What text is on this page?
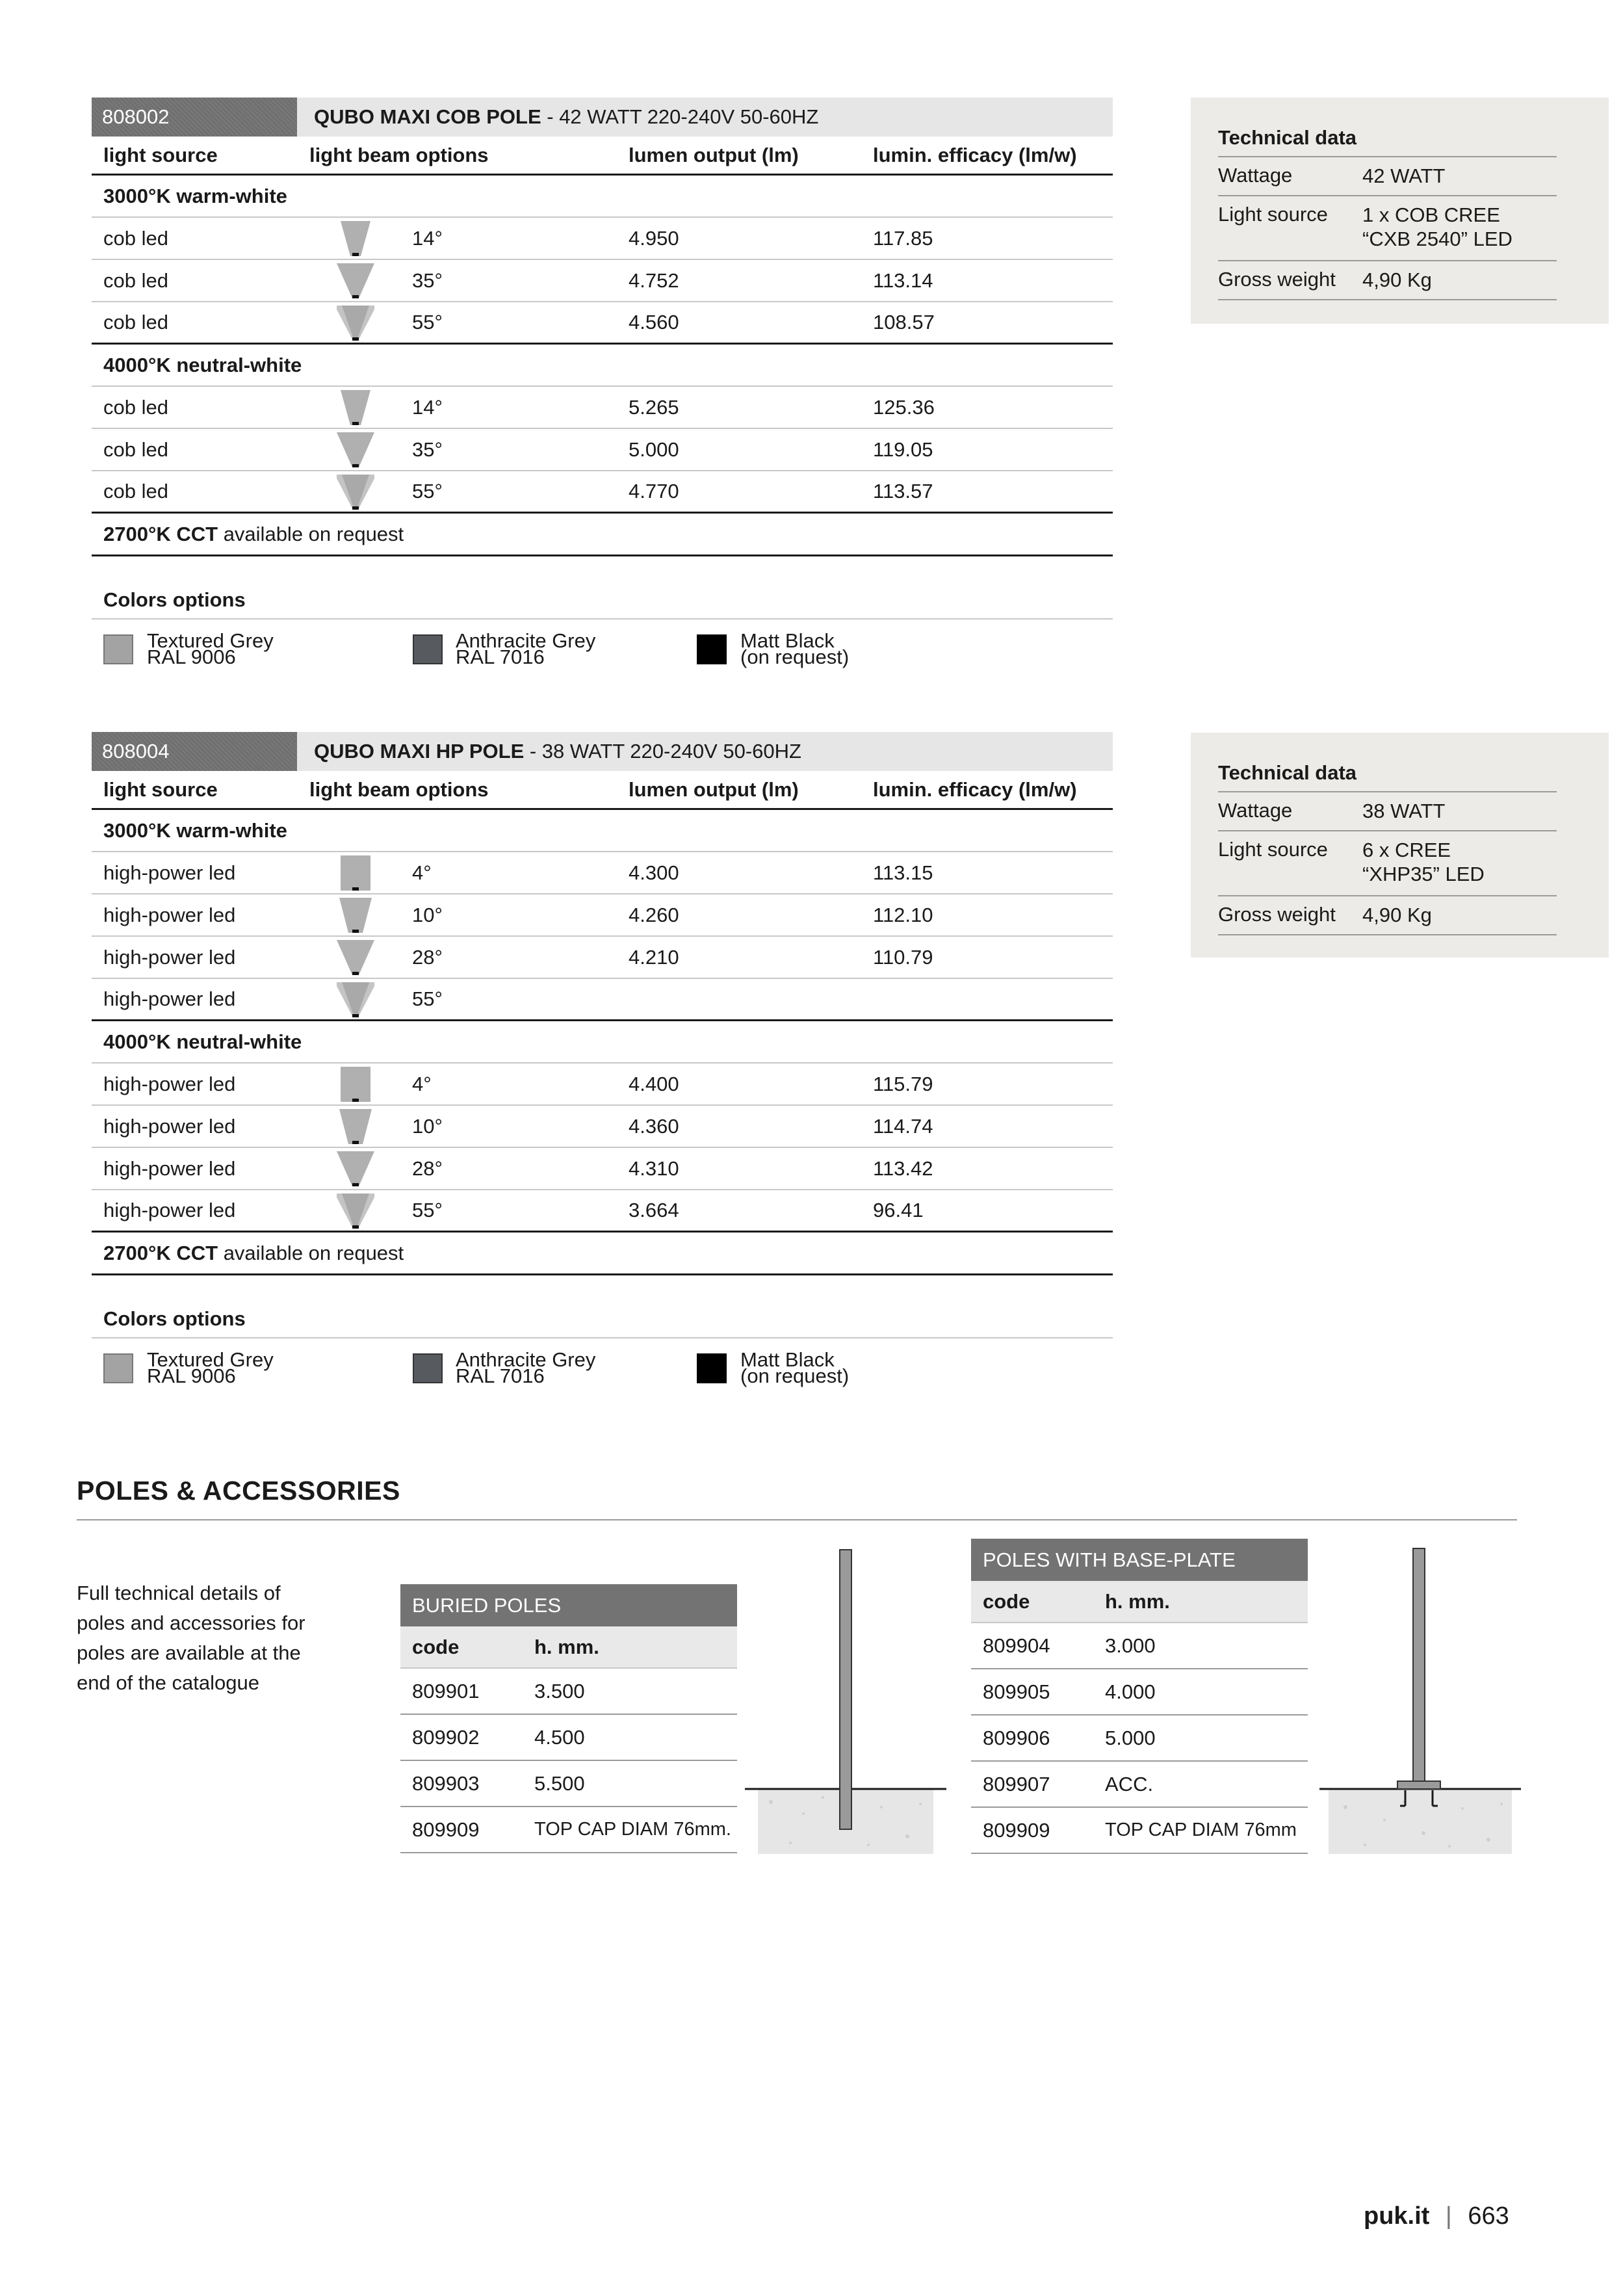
808002	QUBO MAXI COB POLE - 42 WATT 220-240V 50-60HZ
light source	light beam options	lumen output (lm)	lumin. efficacy (lm/w)
3000°K warm-white
cob led	14°	4.950	117.85
cob led	35°	4.752	113.14
cob led	55°	4.560	108.57
4000°K neutral-white
cob led	14°	5.265	125.36
cob led	35°	5.000	119.05
cob led	55°	4.770	113.57
2700°K CCT available on request
Colors options
Textured Grey
RAL 9006
Anthracite Grey
RAL 7016
Matt Black
(on request)
Technical data
Wattage	42 WATT
Light source 1 x COB CREE
“CXB 2540” LED
Gross weight 4,90 Kg
808004	QUBO MAXI HP POLE - 38 WATT 220-240V 50-60HZ
light source	light beam options	lumen output (lm)	lumin. efficacy (lm/w)
3000°K warm-white
high-power led	4°	4.300	113.15
high-power led	10°	4.260	112.10
high-power led	28°	4.210	110.79
high-power led	55°
4000°K neutral-white
high-power led	4°	4.400	115.79
high-power led	10°	4.360	114.74
high-power led	28°	4.310	113.42
high-power led	55°	3.664	96.41
2700°K CCT available on request
Colors options
Textured Grey
RAL 9006
Anthracite Grey
RAL 7016
Matt Black
(on request)
Technical data
Wattage	38 WATT
Light source 6 x CREE
“XHP35” LED
Gross weight 4,90 Kg
POLES & ACCESSORIES
Full technical details of
poles and accessories for
poles are available at the
end of the catalogue
BURIED POLES
code	h. mm.
809901	3.500
809902	4.500
809903	5.500
809909	TOP CAP DIAM 76mm.
POLES WITH BASE-PLATE
code	h. mm.
809904	3.000
809905	4.000
809906	5.000
809907	ACC.
809909	TOP CAP DIAM 76mm
puk.it | 663
